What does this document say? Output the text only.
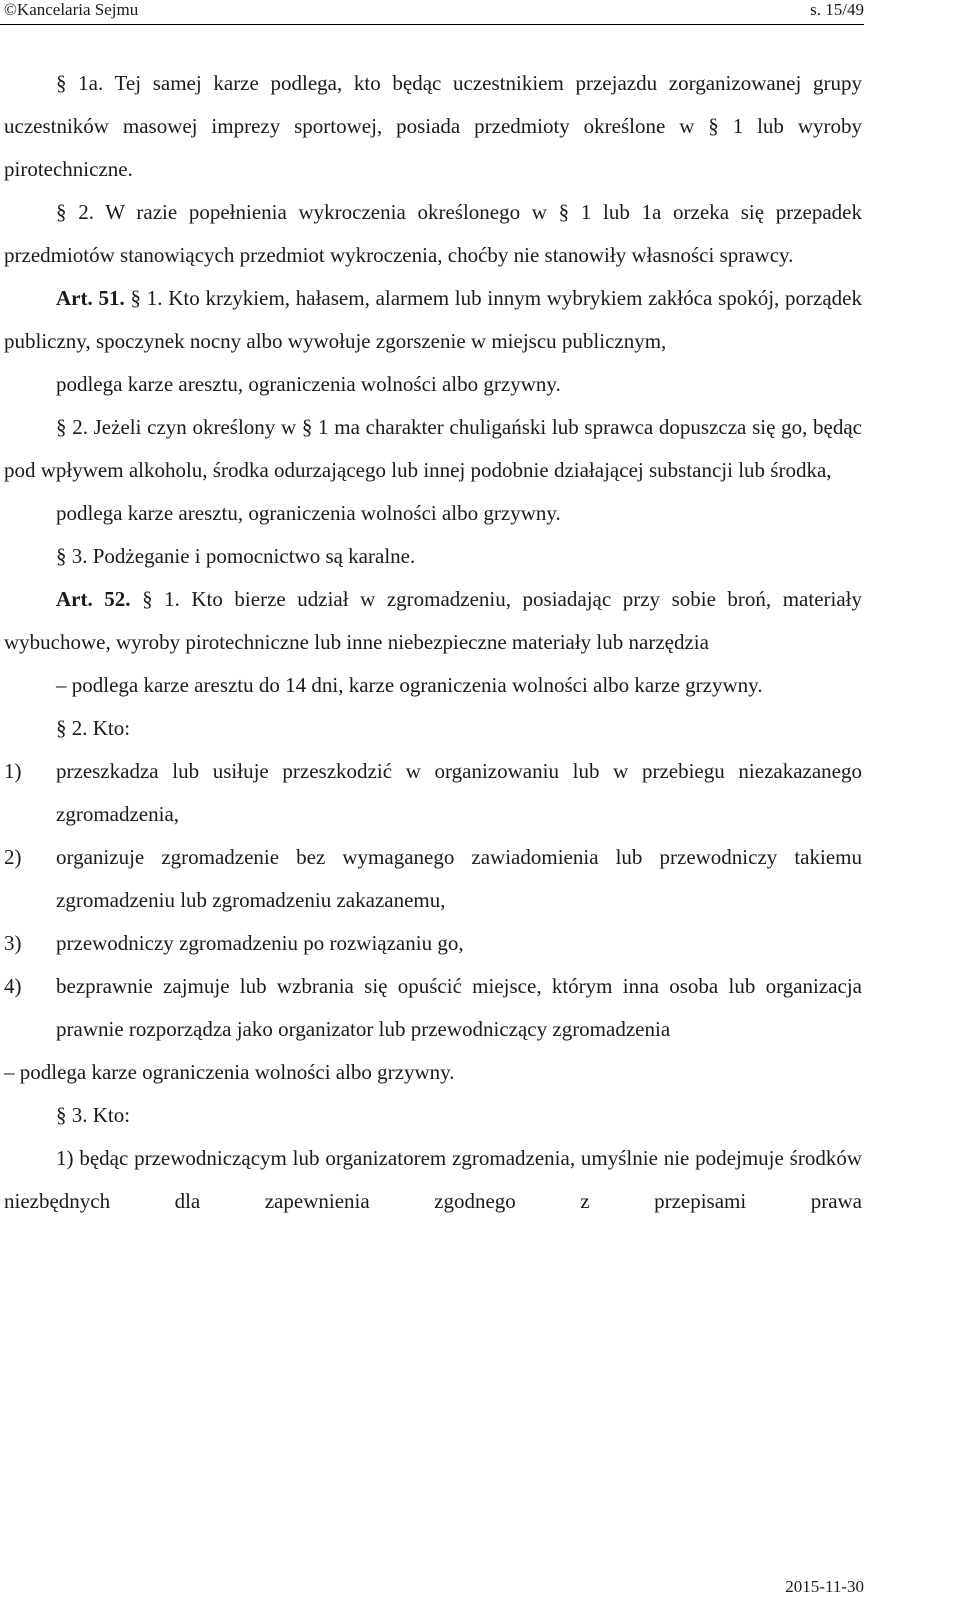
©Kancelaria Sejmu	s. 15/49

§ 1a. Tej samej karze podlega, kto będąc uczestnikiem przejazdu zorganizowanej grupy uczestników masowej imprezy sportowej, posiada przedmioty określone w § 1 lub wyroby pirotechniczne.

§ 2. W razie popełnienia wykroczenia określonego w § 1 lub 1a orzeka się przepadek przedmiotów stanowiących przedmiot wykroczenia, choćby nie stanowiły własności sprawcy.

Art. 51. § 1. Kto krzykiem, hałasem, alarmem lub innym wybrykiem zakłóca spokój, porządek publiczny, spoczynek nocny albo wywołuje zgorszenie w miejscu publicznym,

podlega karze aresztu, ograniczenia wolności albo grzywny.

§ 2. Jeżeli czyn określony w § 1 ma charakter chuligański lub sprawca dopuszcza się go, będąc pod wpływem alkoholu, środka odurzającego lub innej podobnie działającej substancji lub środka,

podlega karze aresztu, ograniczenia wolności albo grzywny.

§ 3. Podżeganie i pomocnictwo są karalne.

Art. 52. § 1. Kto bierze udział w zgromadzeniu, posiadając przy sobie broń, materiały wybuchowe, wyroby pirotechniczne lub inne niebezpieczne materiały lub narzędzia

– podlega karze aresztu do 14 dni, karze ograniczenia wolności albo karze grzywny.

§ 2. Kto:

1)	przeszkadza lub usiłuje przeszkodzić w organizowaniu lub w przebiegu niezakazanego zgromadzenia,
2)	organizuje zgromadzenie bez wymaganego zawiadomienia lub przewodniczy takiemu zgromadzeniu lub zgromadzeniu zakazanemu,
3)	przewodniczy zgromadzeniu po rozwiązaniu go,
4)	bezprawnie zajmuje lub wzbrania się opuścić miejsce, którym inna osoba lub organizacja prawnie rozporządza jako organizator lub przewodniczący zgromadzenia

– podlega karze ograniczenia wolności albo grzywny.

§ 3. Kto:

1) będąc przewodniczącym lub organizatorem zgromadzenia, umyślnie nie podejmuje środków niezbędnych dla zapewnienia zgodnego z przepisami prawa

2015-11-30
